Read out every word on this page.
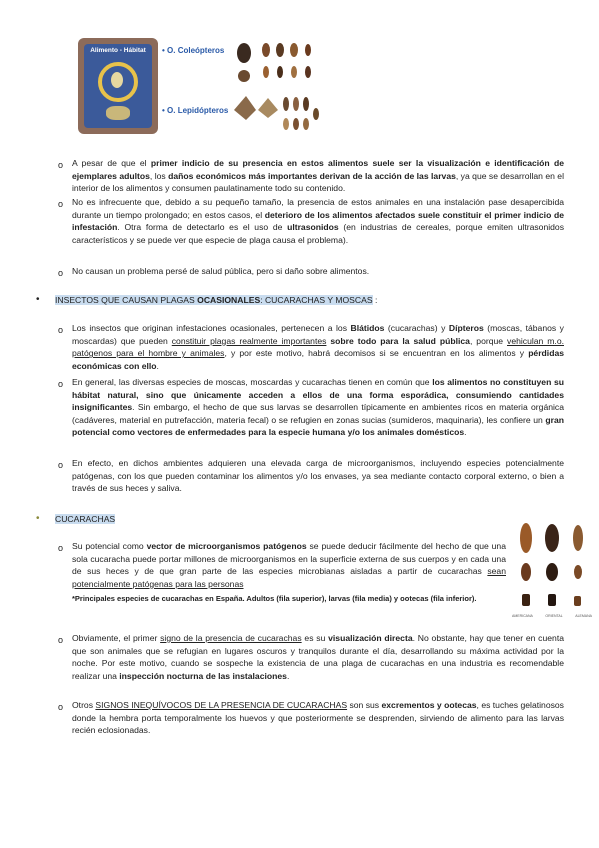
Alimento - Hábitat	• O. Coleópteros
• O. Lepidópteros
o A pesar de que el primer indicio de su presencia en estos alimentos suele ser la visualización e identificación de ejemplares adultos, los daños económicos más importantes derivan de la acción de las larvas, ya que se desarrollan en el interior de los alimentos y consumen paulatinamente todo su contenido.
o No es infrecuente que, debido a su pequeño tamaño, la presencia de estos animales en una instalación pase desapercibida durante un tiempo prolongado; en estos casos, el deterioro de los alimentos afectados suele constituir el primer indicio de infestación. Otra forma de detectarlo es el uso de ultrasonidos (en industrias de cereales, porque emiten ultrasonidos característicos y se puede ver que especie de plaga causa el problema).
o No causan un problema persé de salud pública, pero si daño sobre alimentos.
• INSECTOS QUE CAUSAN PLAGAS OCASIONALES: CUCARACHAS Y MOSCAS :
o Los insectos que originan infestaciones ocasionales, pertenecen a los Blátidos (cucarachas) y Dípteros (moscas, tábanos y moscardas) que pueden constituir plagas realmente importantes sobre todo para la salud pública, porque vehiculan m.o. patógenos para el hombre y animales, y por este motivo, habrá decomisos si se encuentran en los alimentos y pérdidas económicas con ello.
o En general, las diversas especies de moscas, moscardas y cucarachas tienen en común que los alimentos no constituyen su hábitat natural, sino que únicamente acceden a ellos de una forma esporádica, consumiendo cantidades insignificantes. Sin embargo, el hecho de que sus larvas se desarrollen típicamente en ambientes ricos en materia orgánica (cadáveres, material en putrefacción, materia fecal) o se refugien en zonas sucias (sumideros, maquinaria), les confiere un gran potencial como vectores de enfermedades para la especie humana y/o los animales domésticos.
o En efecto, en dichos ambientes adquieren una elevada carga de microorganismos, incluyendo especies potencialmente patógenas, con los que pueden contaminar los alimentos y/o los envases, ya sea mediante contacto corporal externo, o bien a través de sus heces y saliva.
• CUCARACHAS
o Su potencial como vector de microorganismos patógenos se puede deducir fácilmente del hecho de que una sola cucaracha puede portar millones de microorganismos en la superficie externa de sus cuerpos y en cada una de sus heces y de que gran parte de las especies microbianas aisladas a partir de cucarachas sean potencialmente patógenas para las personas
*Principales especies de cucarachas en España. Adultos (fila superior), larvas (fila media) y ootecas (fila inferior).
AMERICANA	ORIENTAL	ALEMANA
o Obviamente, el primer signo de la presencia de cucarachas es su visualización directa. No obstante, hay que tener en cuenta que son animales que se refugian en lugares oscuros y tranquilos durante el día, desarrollando su máxima actividad por la noche. Por este motivo, cuando se sospeche la existencia de una plaga de cucarachas en una industria es recomendable realizar una inspección nocturna de las instalaciones.
o Otros SIGNOS INEQUÍVOCOS DE LA PRESENCIA DE CUCARACHAS son sus excrementos y ootecas, es tuches gelatinosos donde la hembra porta temporalmente los huevos y que posteriormente se desprenden, sirviendo de alimento para las larvas recién eclosionadas.
